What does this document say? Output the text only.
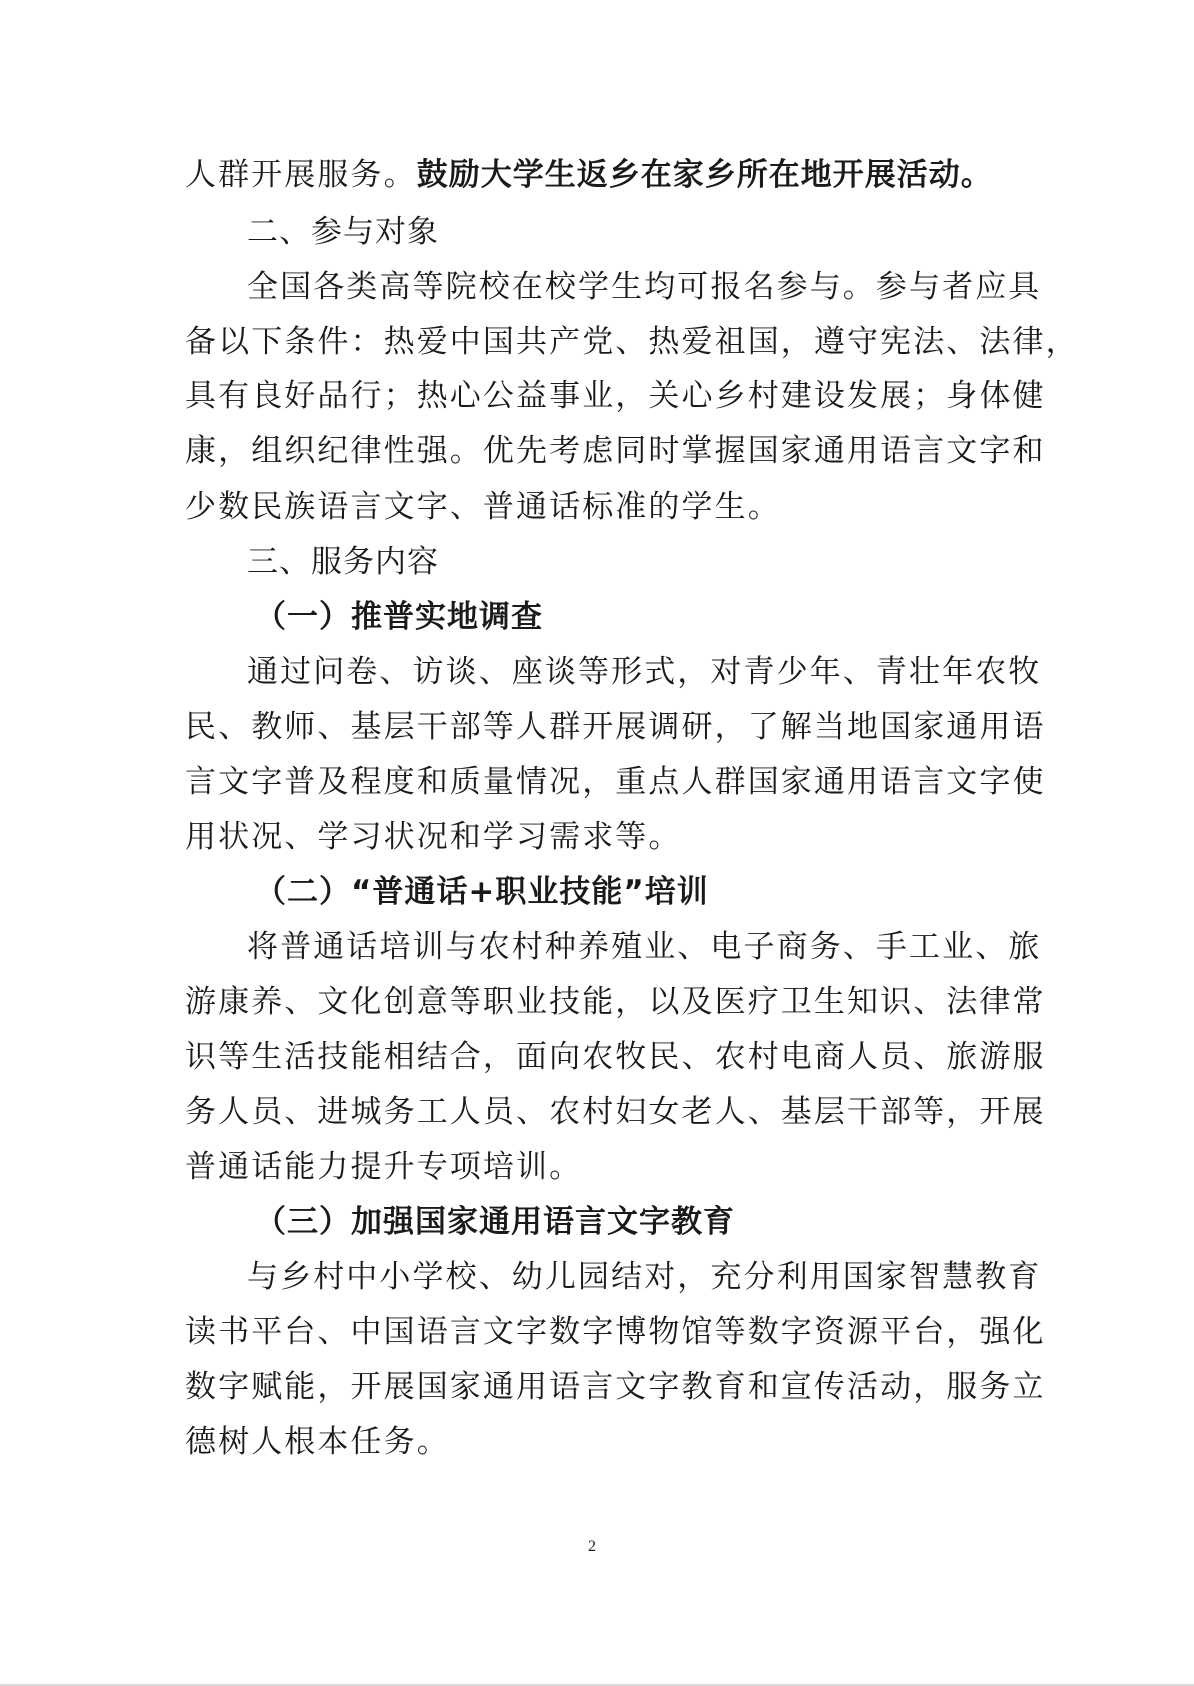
人群开展服务。鼓励大学生返乡在家乡所在地开展活动。
二、参与对象
全国各类高等院校在校学生均可报名参与。参与者应具
备以下条件：热爱中国共产党、热爱祖国，遵守宪法、法律，
具有良好品行；热心公益事业，关心乡村建设发展；身体健
康，组织纪律性强。优先考虑同时掌握国家通用语言文字和
少数民族语言文字、普通话标准的学生。
三、服务内容
（一）推普实地调查
通过问卷、访谈、座谈等形式，对青少年、青壮年农牧
民、教师、基层干部等人群开展调研，了解当地国家通用语
言文字普及程度和质量情况，重点人群国家通用语言文字使
用状况、学习状况和学习需求等。
（二）“普通话+职业技能”培训
将普通话培训与农村种养殖业、电子商务、手工业、旅
游康养、文化创意等职业技能，以及医疗卫生知识、法律常
识等生活技能相结合，面向农牧民、农村电商人员、旅游服
务人员、进城务工人员、农村妇女老人、基层干部等，开展
普通话能力提升专项培训。
（三）加强国家通用语言文字教育
与乡村中小学校、幼儿园结对，充分利用国家智慧教育
读书平台、中国语言文字数字博物馆等数字资源平台，强化
数字赋能，开展国家通用语言文字教育和宣传活动，服务立
德树人根本任务。
2
